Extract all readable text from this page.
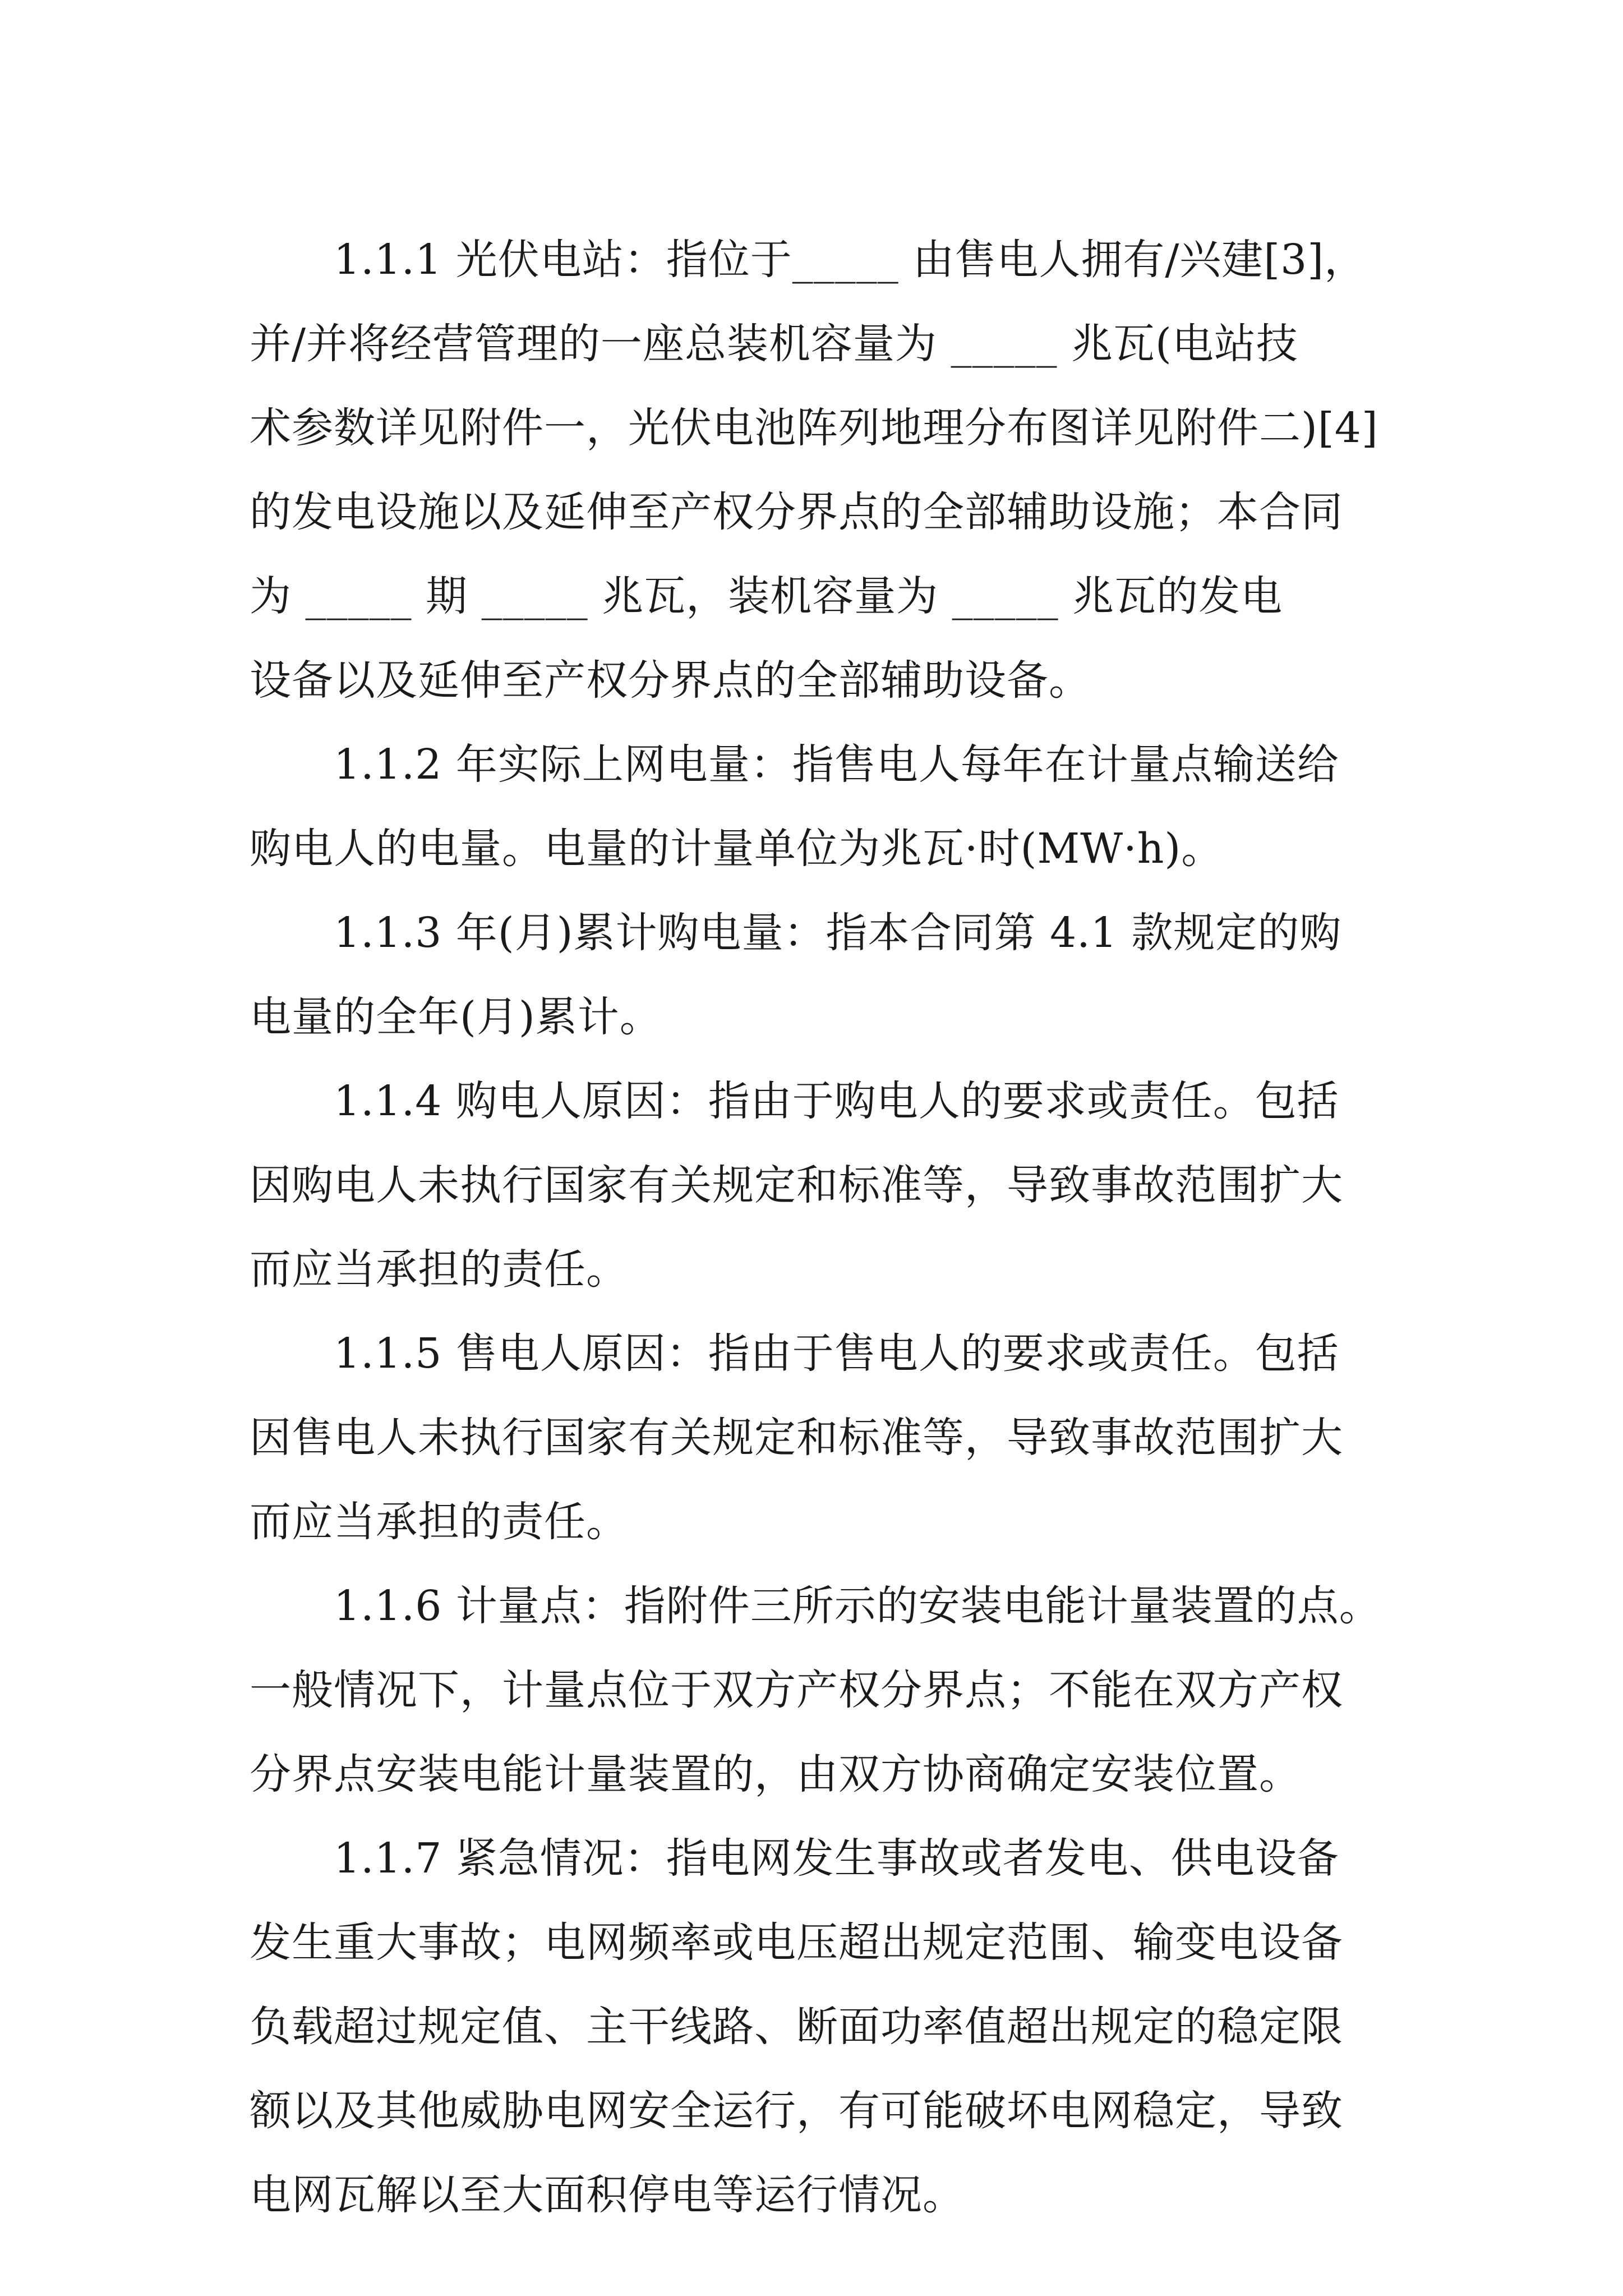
1.1.1 光伏电站：指位于_____ 由售电人拥有/兴建[3]，
并/并将经营管理的一座总装机容量为 _____ 兆瓦(电站技
术参数详见附件一，光伏电池阵列地理分布图详见附件二)[4]
的发电设施以及延伸至产权分界点的全部辅助设施；本合同
为 _____ 期 _____ 兆瓦，装机容量为 _____ 兆瓦的发电
设备以及延伸至产权分界点的全部辅助设备。
1.1.2 年实际上网电量：指售电人每年在计量点输送给
购电人的电量。电量的计量单位为兆瓦·时(MW·h)。
1.1.3 年(月)累计购电量：指本合同第 4.1 款规定的购
电量的全年(月)累计。
1.1.4 购电人原因：指由于购电人的要求或责任。包括
因购电人未执行国家有关规定和标准等，导致事故范围扩大
而应当承担的责任。
1.1.5 售电人原因：指由于售电人的要求或责任。包括
因售电人未执行国家有关规定和标准等，导致事故范围扩大
而应当承担的责任。
1.1.6 计量点：指附件三所示的安装电能计量装置的点。
一般情况下，计量点位于双方产权分界点；不能在双方产权
分界点安装电能计量装置的，由双方协商确定安装位置。
1.1.7 紧急情况：指电网发生事故或者发电、供电设备
发生重大事故；电网频率或电压超出规定范围、输变电设备
负载超过规定值、主干线路、断面功率值超出规定的稳定限
额以及其他威胁电网安全运行，有可能破坏电网稳定，导致
电网瓦解以至大面积停电等运行情况。
